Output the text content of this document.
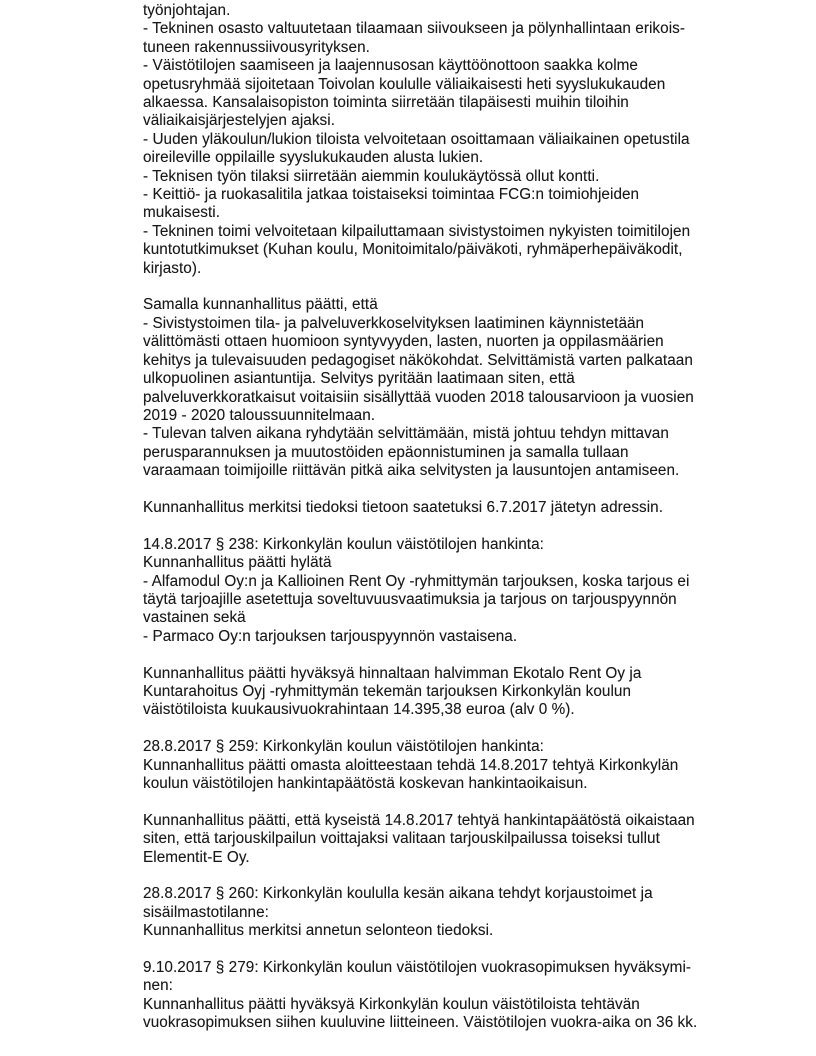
työnjohtajan.
- Tekninen osasto valtuutetaan tilaamaan siivoukseen ja pölynhallintaan erikois-
tuneen rakennussiivousyrityksen.
- Väistötilojen saamiseen ja laajennusosan käyttöönottoon saakka kolme
opetusryhmää sijoitetaan Toivolan koululle väliaikaisesti heti syyslukukauden
alkaessa. Kansalaisopiston toiminta siirretään tilapäisesti muihin tiloihin
väliaikaisjärjestelyjen ajaksi.
- Uuden yläkoulun/lukion tiloista velvoitetaan osoittamaan väliaikainen opetustila
oireileville oppilaille syyslukukauden alusta lukien.
- Teknisen työn tilaksi siirretään aiemmin koulukäytössä ollut kontti.
- Keittiö- ja ruokasalitila jatkaa toistaiseksi toimintaa FCG:n toimiohjeiden
mukaisesti.
- Tekninen toimi velvoitetaan kilpailuttamaan sivistystoimen nykyisten toimitilojen
kuntotutkimukset (Kuhan koulu, Monitoimitalo/päiväkoti, ryhmäperhepäiväkodit,
kirjasto).
Samalla kunnanhallitus päätti, että
- Sivistystoimen tila- ja palveluverkkoselvityksen laatiminen käynnistetään
välittömästi ottaen huomioon syntyvyyden, lasten, nuorten ja oppilasmäärien
kehitys ja tulevaisuuden pedagogiset näkökohdat. Selvittämistä varten palkataan
ulkopuolinen asiantuntija. Selvitys pyritään laatimaan siten, että
palveluverkkoratkaisut voitaisiin sisällyttää vuoden 2018 talousarvioon ja vuosien
2019 - 2020 taloussuunnitelmaan.
- Tulevan talven aikana ryhdytään selvittämään, mistä johtuu tehdyn mittavan
perusparannuksen ja muutostöiden epäonnistuminen ja samalla tullaan
varaamaan toimijoille riittävän pitkä aika selvitysten ja lausuntojen antamiseen.
Kunnanhallitus merkitsi tiedoksi tietoon saatetuksi 6.7.2017 jätetyn adressin.
14.8.2017 § 238: Kirkonkylän koulun väistötilojen hankinta:
Kunnanhallitus päätti hylätä
- Alfamodul Oy:n ja Kallioinen Rent Oy -ryhmittymän tarjouksen, koska tarjous ei
täytä tarjoajille asetettuja soveltuvuusvaatimuksia ja tarjous on tarjouspyynnön
vastainen sekä
- Parmaco Oy:n tarjouksen tarjouspyynnön vastaisena.
Kunnanhallitus päätti hyväksyä hinnaltaan halvimman Ekotalo Rent Oy ja
Kuntarahoitus Oyj -ryhmittymän tekemän tarjouksen Kirkonkylän koulun
väistötiloista kuukausivuokrahintaan 14.395,38 euroa (alv 0 %).
28.8.2017 § 259: Kirkonkylän koulun väistötilojen hankinta:
Kunnanhallitus päätti omasta aloitteestaan tehdä 14.8.2017 tehtyä Kirkonkylän
koulun väistötilojen hankintapäätöstä koskevan hankintaoikaisun.
Kunnanhallitus päätti, että kyseistä 14.8.2017 tehtyä hankintapäätöstä oikaistaan
siten, että tarjouskilpailun voittajaksi valitaan tarjouskilpailussa toiseksi tullut
Elementit-E Oy.
28.8.2017 § 260: Kirkonkylän koululla kesän aikana tehdyt korjaustoimet ja
sisäilmastotilanne:
Kunnanhallitus merkitsi annetun selonteon tiedoksi.
9.10.2017 § 279: Kirkonkylän koulun väistötilojen vuokrasopimuksen hyväksymi-
nen:
Kunnanhallitus päätti hyväksyä Kirkonkylän koulun väistötiloista tehtävän
vuokrasopimuksen siihen kuuluvine liitteineen. Väistötilojen vuokra-aika on 36 kk.
